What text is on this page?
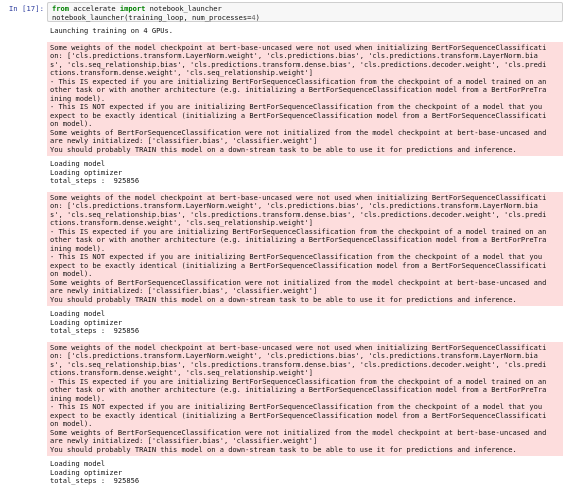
In [17]:	from accelerate import notebook_launcher
notebook_launcher(training_loop, num_processes=4)
Launching training on 4 GPUs.
Some weights of the model checkpoint at bert-base-uncased were not used when initializing BertForSequenceClassificati
on: ['cls.predictions.transform.LayerNorm.weight', 'cls.predictions.bias', 'cls.predictions.transform.LayerNorm.bia
s', 'cls.seq_relationship.bias', 'cls.predictions.transform.dense.bias', 'cls.predictions.decoder.weight', 'cls.predi
ctions.transform.dense.weight', 'cls.seq_relationship.weight']
- This IS expected if you are initializing BertForSequenceClassification from the checkpoint of a model trained on an
other task or with another architecture (e.g. initializing a BertForSequenceClassification model from a BertForPreTra
ining model).
- This IS NOT expected if you are initializing BertForSequenceClassification from the checkpoint of a model that you
expect to be exactly identical (initializing a BertForSequenceClassification model from a BertForSequenceClassificati
on model).
Some weights of BertForSequenceClassification were not initialized from the model checkpoint at bert-base-uncased and
are newly initialized: ['classifier.bias', 'classifier.weight']
You should probably TRAIN this model on a down-stream task to be able to use it for predictions and inference.
Loading model
Loading optimizer
total_steps :  925856
Some weights of the model checkpoint at bert-base-uncased were not used when initializing BertForSequenceClassificati
on: ['cls.predictions.transform.LayerNorm.weight', 'cls.predictions.bias', 'cls.predictions.transform.LayerNorm.bia
s', 'cls.seq_relationship.bias', 'cls.predictions.transform.dense.bias', 'cls.predictions.decoder.weight', 'cls.predi
ctions.transform.dense.weight', 'cls.seq_relationship.weight']
- This IS expected if you are initializing BertForSequenceClassification from the checkpoint of a model trained on an
other task or with another architecture (e.g. initializing a BertForSequenceClassification model from a BertForPreTra
ining model).
- This IS NOT expected if you are initializing BertForSequenceClassification from the checkpoint of a model that you
expect to be exactly identical (initializing a BertForSequenceClassification model from a BertForSequenceClassificati
on model).
Some weights of BertForSequenceClassification were not initialized from the model checkpoint at bert-base-uncased and
are newly initialized: ['classifier.bias', 'classifier.weight']
You should probably TRAIN this model on a down-stream task to be able to use it for predictions and inference.
Loading model
Loading optimizer
total_steps :  925856
Some weights of the model checkpoint at bert-base-uncased were not used when initializing BertForSequenceClassificati
on: ['cls.predictions.transform.LayerNorm.weight', 'cls.predictions.bias', 'cls.predictions.transform.LayerNorm.bia
s', 'cls.seq_relationship.bias', 'cls.predictions.transform.dense.bias', 'cls.predictions.decoder.weight', 'cls.predi
ctions.transform.dense.weight', 'cls.seq_relationship.weight']
- This IS expected if you are initializing BertForSequenceClassification from the checkpoint of a model trained on an
other task or with another architecture (e.g. initializing a BertForSequenceClassification model from a BertForPreTra
ining model).
- This IS NOT expected if you are initializing BertForSequenceClassification from the checkpoint of a model that you
expect to be exactly identical (initializing a BertForSequenceClassification model from a BertForSequenceClassificati
on model).
Some weights of BertForSequenceClassification were not initialized from the model checkpoint at bert-base-uncased and
are newly initialized: ['classifier.bias', 'classifier.weight']
You should probably TRAIN this model on a down-stream task to be able to use it for predictions and inference.
Loading model
Loading optimizer
total_steps :  925856
